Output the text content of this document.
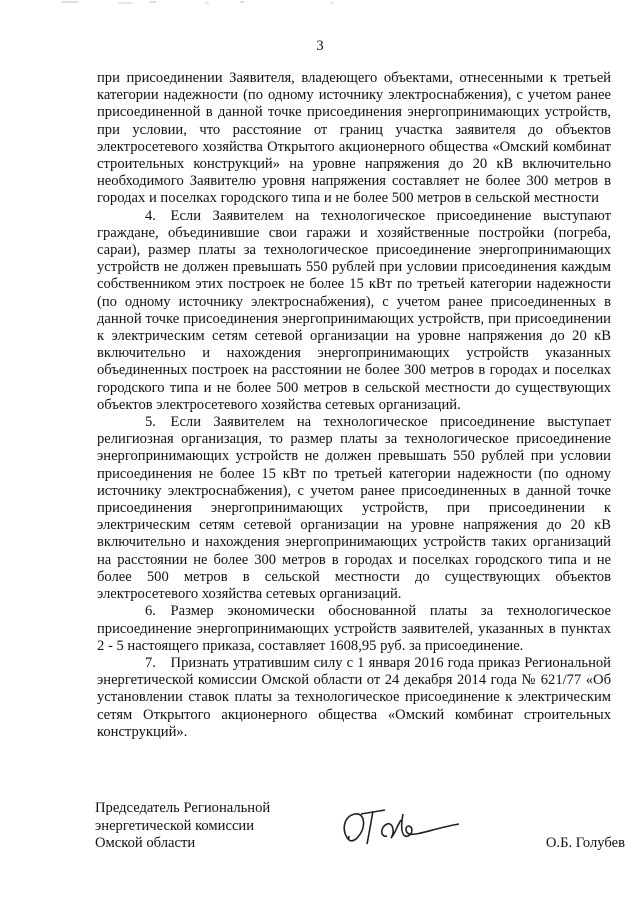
3

при присоединении Заявителя, владеющего объектами, отнесенными к третьей категории надежности (по одному источнику электроснабжения), с учетом ранее присоединенной в данной точке присоединения энергопринимающих устройств, при условии, что расстояние от границ участка заявителя до объектов электросетевого хозяйства Открытого акционерного общества «Омский комбинат строительных конструкций» на уровне напряжения до 20 кВ включительно необходимого Заявителю уровня напряжения составляет не более 300 метров в городах и поселках городского типа и не более 500 метров в сельской местности

4. Если Заявителем на технологическое присоединение выступают граждане, объединившие свои гаражи и хозяйственные постройки (погреба, сараи), размер платы за технологическое присоединение энергопринимающих устройств не должен превышать 550 рублей при условии присоединения каждым собственником этих построек не более 15 кВт по третьей категории надежности (по одному источнику электроснабжения), с учетом ранее присоединенных в данной точке присоединения энергопринимающих устройств, при присоединении к электрическим сетям сетевой организации на уровне напряжения до 20 кВ включительно и нахождения энергопринимающих устройств указанных объединенных построек на расстоянии не более 300 метров в городах и поселках городского типа и не более 500 метров в сельской местности до существующих объектов электросетевого хозяйства сетевых организаций.

5. Если Заявителем на технологическое присоединение выступает религиозная организация, то размер платы за технологическое присоединение энергопринимающих устройств не должен превышать 550 рублей при условии присоединения не более 15 кВт по третьей категории надежности (по одному источнику электроснабжения), с учетом ранее присоединенных в данной точке присоединения энергопринимающих устройств, при присоединении к электрическим сетям сетевой организации на уровне напряжения до 20 кВ включительно и нахождения энергопринимающих устройств таких организаций на расстоянии не более 300 метров в городах и поселках городского типа и не более 500 метров в сельской местности до существующих объектов электросетевого хозяйства сетевых организаций.

6. Размер экономически обоснованной платы за технологическое присоединение энергопринимающих устройств заявителей, указанных в пунктах 2 - 5 настоящего приказа, составляет 1608,95 руб. за присоединение.

7. Признать утратившим силу с 1 января 2016 года приказ Региональной энергетической комиссии Омской области от 24 декабря 2014 года № 621/77 «Об установлении ставок платы за технологическое присоединение к электрическим сетям Открытого акционерного общества «Омский комбинат строительных конструкций».

Председатель Региональной
энергетической комиссии
Омской области	О.Б. Голубев
